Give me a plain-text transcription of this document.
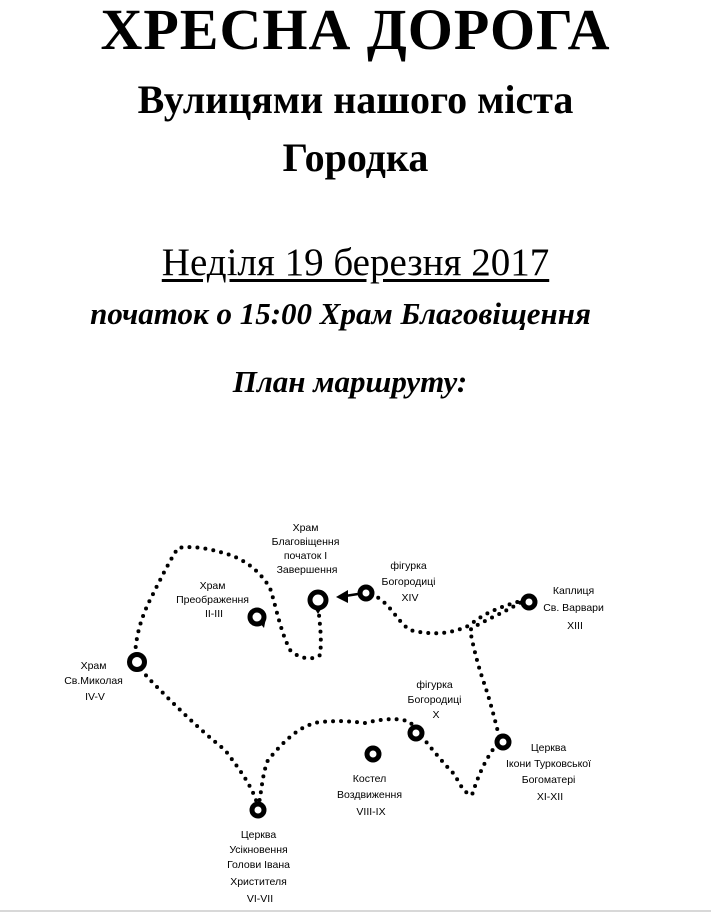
ХРЕСНА ДОРОГА
Вулицями нашого міста
Городка
Неділя 19 березня 2017
початок о 15:00 Храм Благовіщення
План маршруту:
Храм Благовіщення початок I Завершення
Храм Преображення II-III
Храм Св.Миколая IV-V
Церква Усікновення Голови Івана Христителя VI-VII
Костел Воздвиження VIII-IX
фігурка Богородиці X
Церква Ікони Турковської Богоматері XI-XII
Каплиця Св. Варвари XIII
фігурка Богородиці XIV
